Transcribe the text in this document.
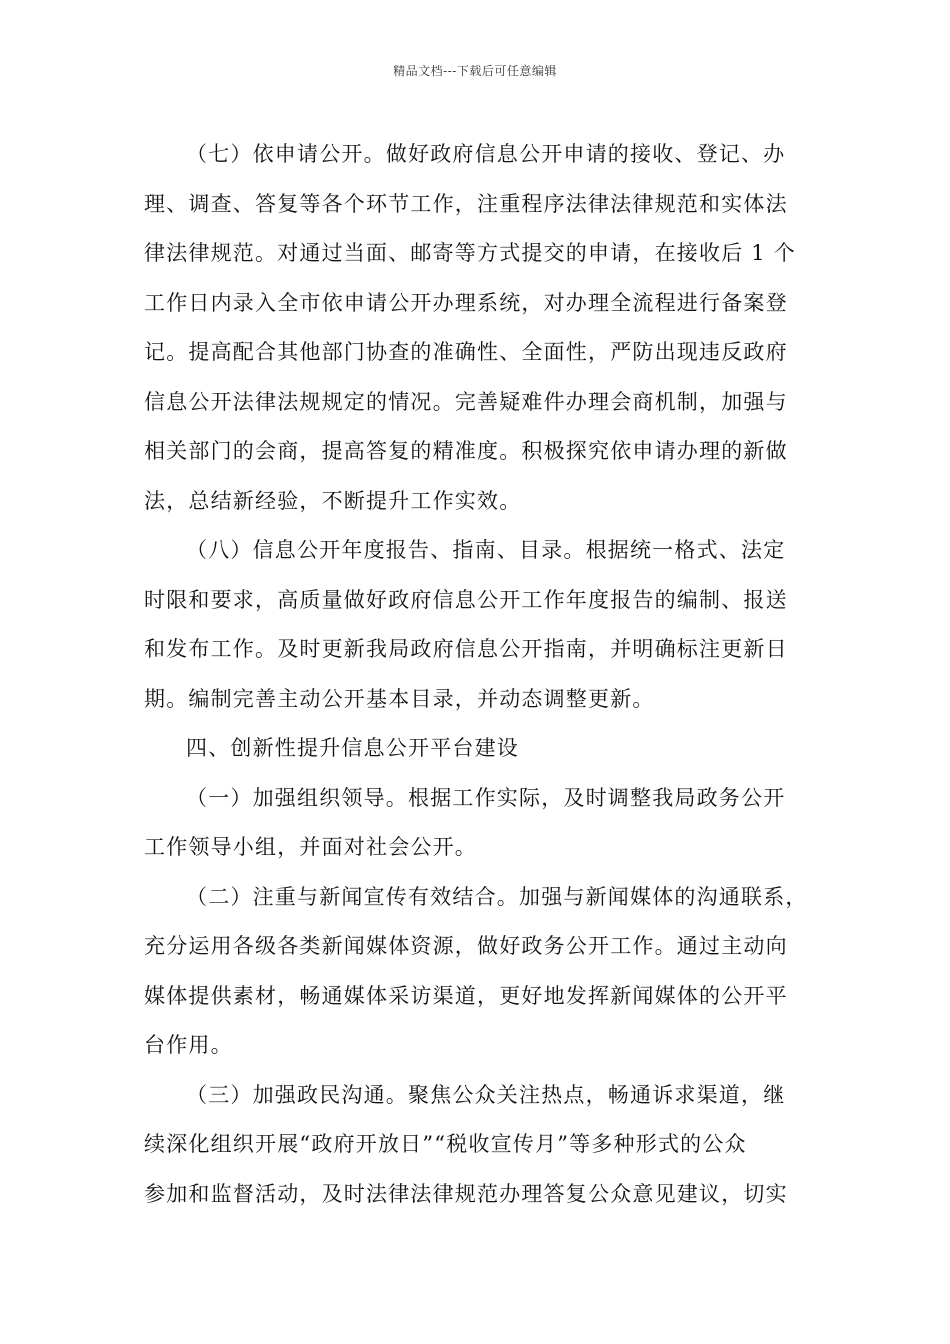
精品文档---下载后可任意编辑
（七）依申请公开。做好政府信息公开申请的接收、登记、办
理、调查、答复等各个环节工作，注重程序法律法律规范和实体法
律法律规范。对通过当面、邮寄等方式提交的申请，在接收后 1 个
工作日内录入全市依申请公开办理系统，对办理全流程进行备案登
记。提高配合其他部门协查的准确性、全面性，严防出现违反政府
信息公开法律法规规定的情况。完善疑难件办理会商机制，加强与
相关部门的会商，提高答复的精准度。积极探究依申请办理的新做
法，总结新经验，不断提升工作实效。
（八）信息公开年度报告、指南、目录。根据统一格式、法定
时限和要求，高质量做好政府信息公开工作年度报告的编制、报送
和发布工作。及时更新我局政府信息公开指南，并明确标注更新日
期。编制完善主动公开基本目录，并动态调整更新。
四、创新性提升信息公开平台建设
（一）加强组织领导。根据工作实际，及时调整我局政务公开
工作领导小组，并面对社会公开。
（二）注重与新闻宣传有效结合。加强与新闻媒体的沟通联系，
充分运用各级各类新闻媒体资源，做好政务公开工作。通过主动向
媒体提供素材，畅通媒体采访渠道，更好地发挥新闻媒体的公开平
台作用。
（三）加强政民沟通。聚焦公众关注热点，畅通诉求渠道，继
续深化组织开展“政府开放日”“税收宣传月”等多种形式的公众
参加和监督活动，及时法律法律规范办理答复公众意见建议，切实
